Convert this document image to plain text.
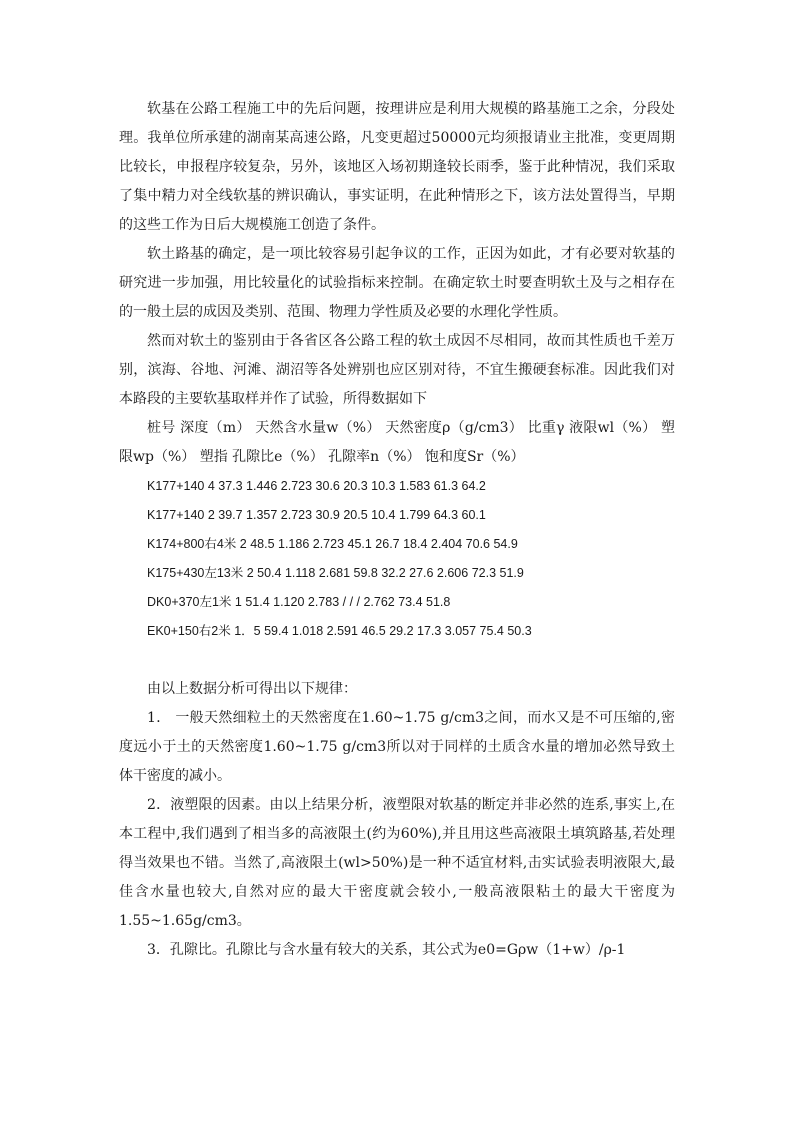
软基在公路工程施工中的先后问题，按理讲应是利用大规模的路基施工之余，分段处理。我单位所承建的湖南某高速公路，凡变更超过50000元均须报请业主批准，变更周期比较长，申报程序较复杂，另外，该地区入场初期逢较长雨季，鉴于此种情况，我们采取了集中精力对全线软基的辨识确认，事实证明，在此种情形之下，该方法处置得当，早期的这些工作为日后大规模施工创造了条件。

软土路基的确定，是一项比较容易引起争议的工作，正因为如此，才有必要对软基的研究进一步加强，用比较量化的试验指标来控制。在确定软土时要查明软土及与之相存在的一般土层的成因及类别、范围、物理力学性质及必要的水理化学性质。

然而对软土的鉴别由于各省区各公路工程的软土成因不尽相同，故而其性质也千差万别，滨海、谷地、河滩、湖沼等各处辨别也应区别对待，不宜生搬硬套标准。因此我们对本路段的主要软基取样并作了试验，所得数据如下

桩号 深度（m） 天然含水量w（%） 天然密度ρ（g/cm3） 比重γ 液限wl（%） 塑限wp（%） 塑指 孔隙比e（%） 孔隙率n（%） 饱和度Sr（%）

K177+140 4 37.3 1.446 2.723 30.6 20.3 10.3 1.583 61.3 64.2
K177+140 2 39.7 1.357 2.723 30.9 20.5 10.4 1.799 64.3 60.1
K174+800右4米 2 48.5 1.186 2.723 45.1 26.7 18.4 2.404 70.6 54.9
K175+430左13米 2 50.4 1.118 2.681 59.8 32.2 27.6 2.606 72.3 51.9
DK0+370左1米 1 51.4 1.120 2.783 / / / 2.762 73.4 51.8
EK0+150右2米 1．5 59.4 1.018 2.591 46.5 29.2 17.3 3.057 75.4 50.3

由以上数据分析可得出以下规律：

1． 一般天然细粒土的天然密度在1.60~1.75 g/cm3之间，而水又是不可压缩的,密度远小于土的天然密度1.60~1.75 g/cm3所以对于同样的土质含水量的增加必然导致土体干密度的减小。

2．液塑限的因素。由以上结果分析，液塑限对软基的断定并非必然的连系,事实上,在本工程中,我们遇到了相当多的高液限土(约为60%),并且用这些高液限土填筑路基,若处理得当效果也不错。当然了,高液限土(wl>50%)是一种不适宜材料,击实试验表明液限大,最佳含水量也较大,自然对应的最大干密度就会较小,一般高液限粘土的最大干密度为1.55~1.65g/cm3。

3．孔隙比。孔隙比与含水量有较大的关系，其公式为e0=Gρw（1+w）/ρ-1
